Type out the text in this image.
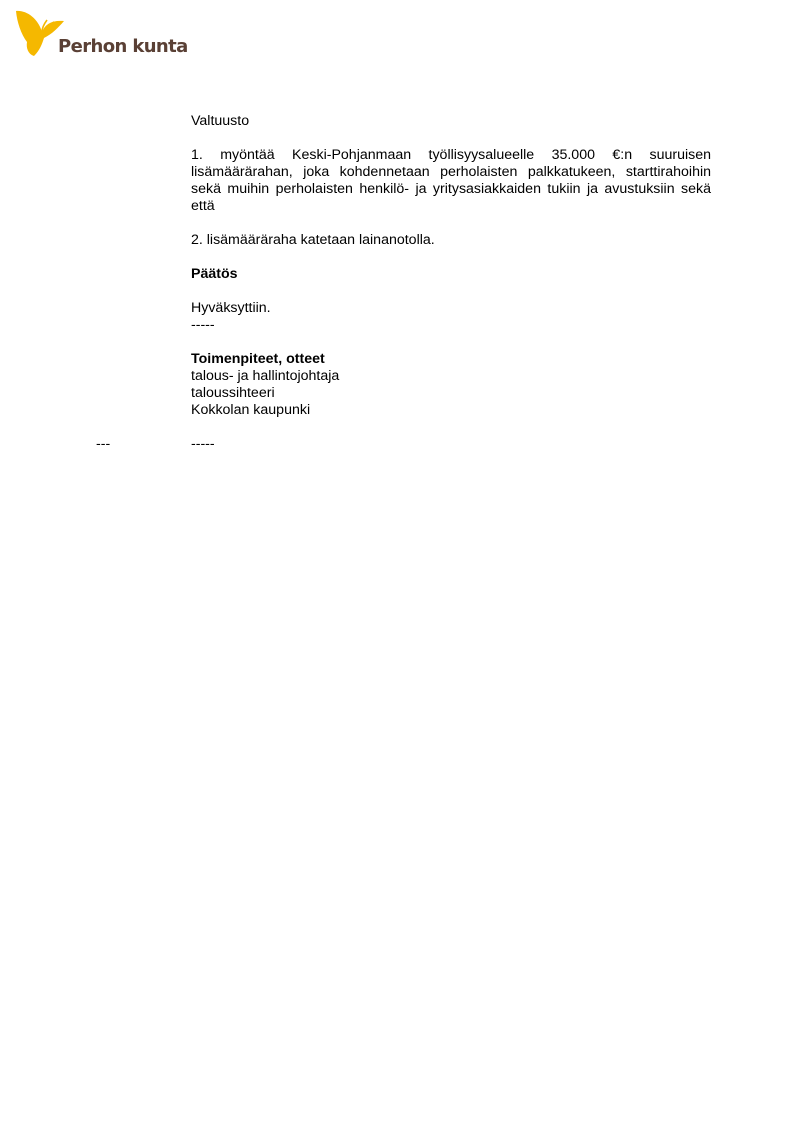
Perhon kunta

Valtuusto

1. myöntää Keski-Pohjanmaan työllisyysalueelle 35.000 €:n suuruisen lisämäärärahan, joka kohdennetaan perholaisten palkkatukeen, starttirahoihin sekä muihin perholaisten henkilö- ja yritysasiakkaiden tukiin ja avustuksiin sekä että

2. lisämääräraha katetaan lainanotolla.

Päätös

Hyväksyttiin.

-----

Toimenpiteet, otteet
talous- ja hallintojohtaja
taloussihteeri
Kokkolan kaupunki
---	-----
